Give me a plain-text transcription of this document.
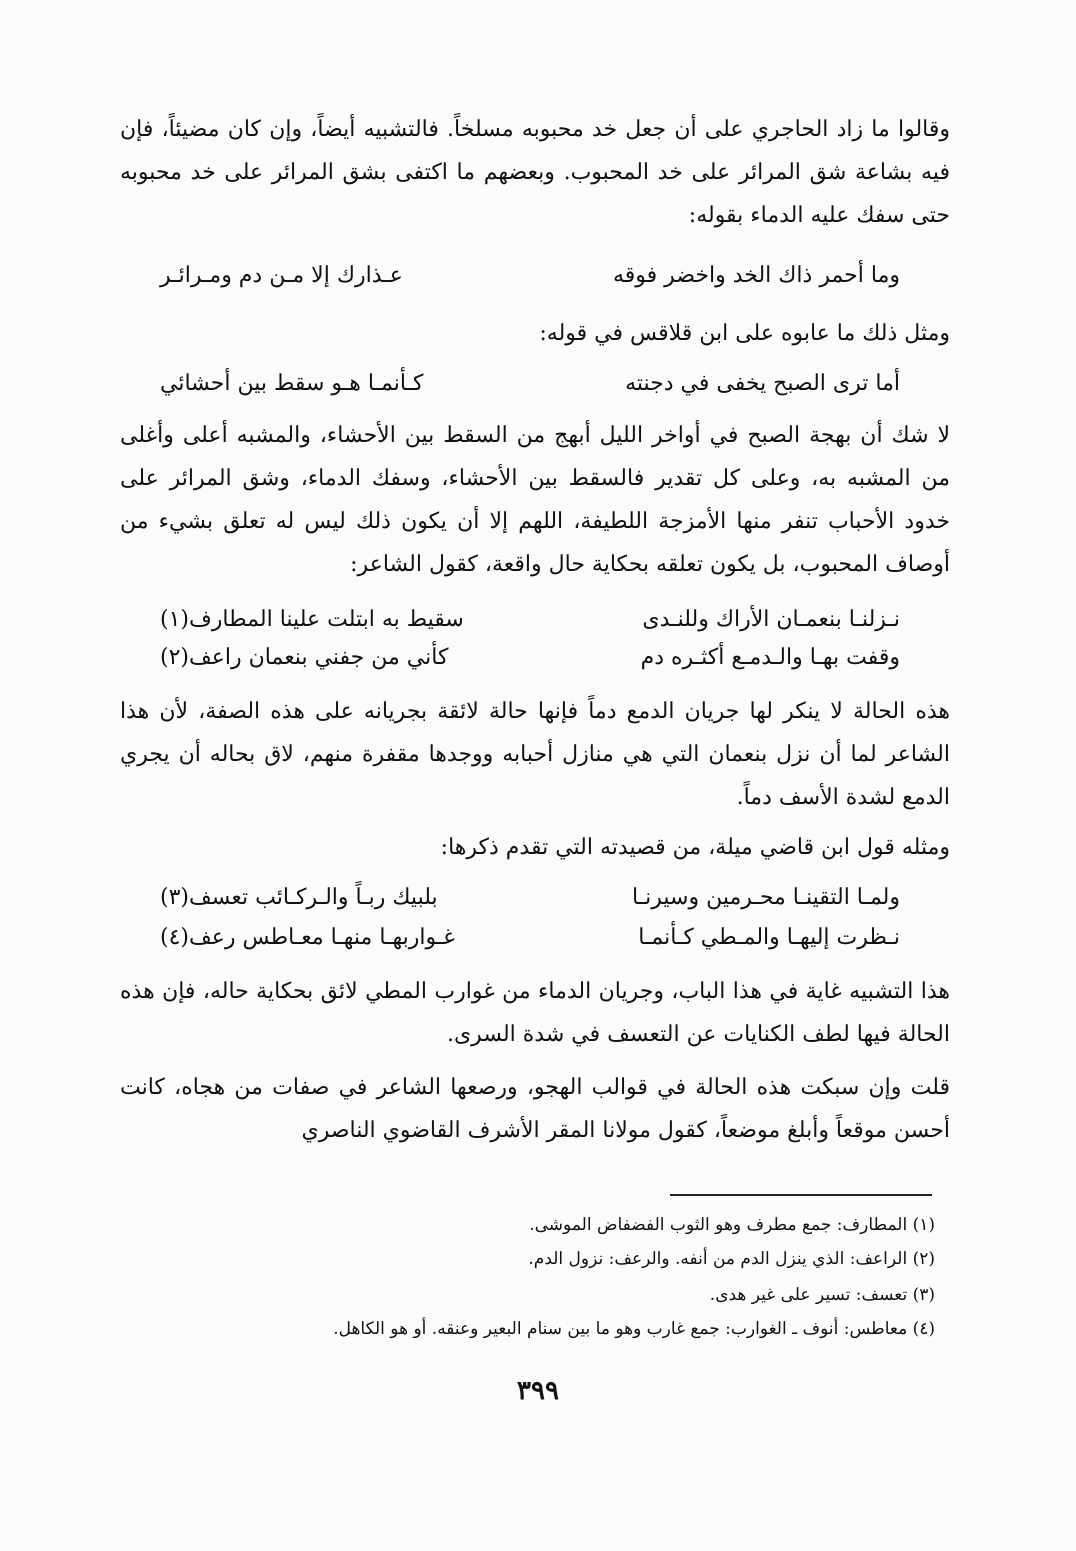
وقالوا ما زاد الحاجري على أن جعل خد محبوبه مسلخاً. فالتشبيه أيضاً، وإن كان مضيئاً، فإن فيه بشاعة شق المرائر على خد المحبوب. وبعضهم ما اكتفى بشق المرائر على خد محبوبه حتى سفك عليه الدماء بقوله:

وما أحمر ذاك الخد واخضر فوقه
عـذارك إلا مـن دم ومـرائـر

ومثل ذلك ما عابوه على ابن قلاقس في قوله:

أما ترى الصبح يخفى في دجنته
كـأنمـا هـو سقط بين أحشائي

لا شك أن بهجة الصبح في أواخر الليل أبهج من السقط بين الأحشاء، والمشبه أعلى وأغلى من المشبه به، وعلى كل تقدير فالسقط بين الأحشاء، وسفك الدماء، وشق المرائر على خدود الأحباب تنفر منها الأمزجة اللطيفة، اللهم إلا أن يكون ذلك ليس له تعلق بشيء من أوصاف المحبوب، بل يكون تعلقه بحكاية حال واقعة، كقول الشاعر:

نـزلنـا بنعمـان الأراك وللنـدى
سقيط به ابتلت علينا المطارف(١)
وقفت بهـا والـدمـع أكثـره دم
كأني من جفني بنعمان راعف(٢)

هذه الحالة لا ينكر لها جريان الدمع دماً فإنها حالة لائقة بجريانه على هذه الصفة، لأن هذا الشاعر لما أن نزل بنعمان التي هي منازل أحبابه ووجدها مقفرة منهم، لاق بحاله أن يجري الدمع لشدة الأسف دماً.

ومثله قول ابن قاضي ميلة، من قصيدته التي تقدم ذكرها:

ولمـا التقينـا محـرمين وسيرنـا
بلبيك ربـاً والـركـائب تعسف(٣)
نـظرت إليهـا والمـطي كـأنمـا
غـواربهـا منهـا معـاطس رعف(٤)

هذا التشبيه غاية في هذا الباب، وجريان الدماء من غوارب المطي لائق بحكاية حاله، فإن هذه الحالة فيها لطف الكنايات عن التعسف في شدة السرى.

قلت وإن سبكت هذه الحالة في قوالب الهجو، ورصعها الشاعر في صفات من هجاه، كانت أحسن موقعاً وأبلغ موضعاً، كقول مولانا المقر الأشرف القاضوي الناصري

(١) المطارف: جمع مطرف وهو الثوب الفضفاض الموشى.
(٢) الراعف: الذي ينزل الدم من أنفه. والرعف: نزول الدم.
(٣) تعسف: تسير على غير هدى.
(٤) معاطس: أنوف ـ الغوارب: جمع غارب وهو ما بين سنام البعير وعنقه. أو هو الكاهل.
٣٩٩
